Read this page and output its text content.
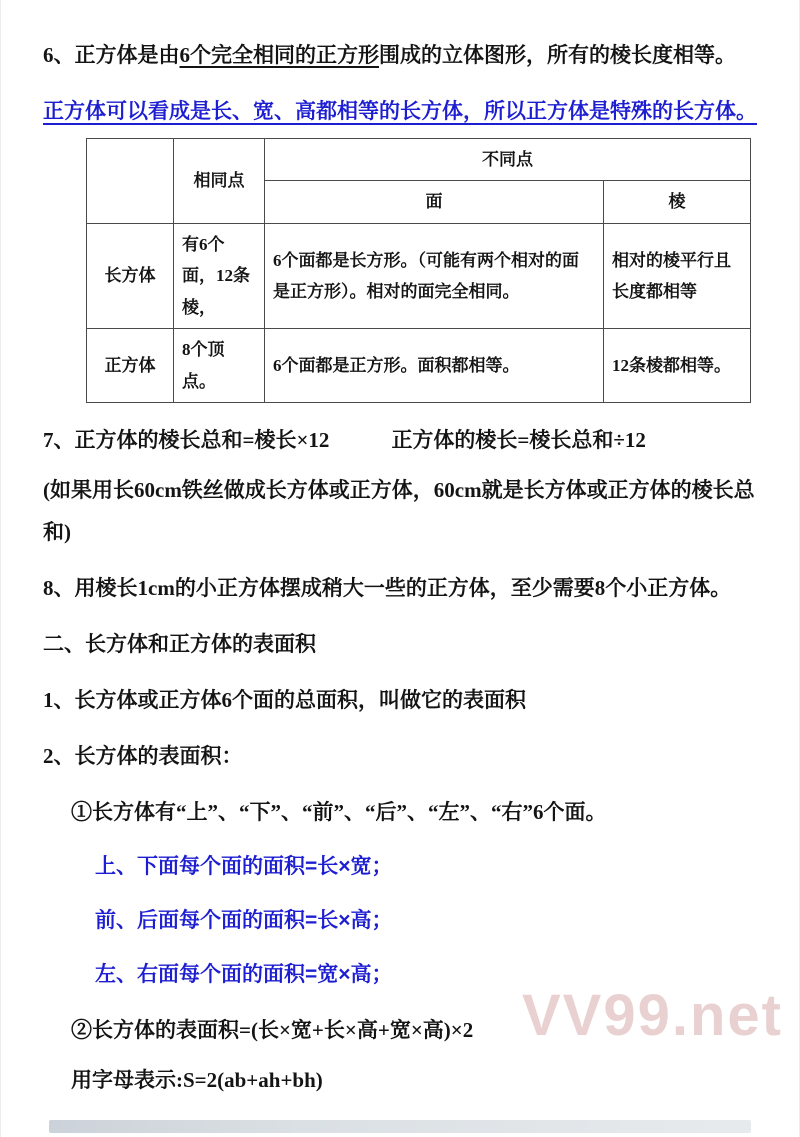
6、正方体是由6个完全相同的正方形围成的立体图形，所有的棱长度相等。

正方体可以看成是长、宽、高都相等的长方体，所以正方体是特殊的长方体。

	相同点	不同点	
		面	棱
长方体	有6个面，12条棱，	6个面都是长方形。（可能有两个相对的面是正方形）。相对的面完全相同。	相对的棱平行且长度都相等
正方体	8个顶点。	6个面都是正方形。面积都相等。	12条棱都相等。

7、正方体的棱长总和=棱长×12	正方体的棱长=棱长总和÷12

(如果用长60cm铁丝做成长方体或正方体，60cm就是长方体或正方体的棱长总和)

8、用棱长1cm的小正方体摆成稍大一些的正方体，至少需要8个小正方体。

二、长方体和正方体的表面积

1、长方体或正方体6个面的总面积，叫做它的表面积

2、长方体的表面积：

①长方体有“上”、“下”、“前”、“后”、“左”、“右”6个面。

上、下面每个面的面积=长×宽；

前、后面每个面的面积=长×高；

左、右面每个面的面积=宽×高；

②长方体的表面积=(长×宽+长×高+宽×高)×2

用字母表示:S=2(ab+ah+bh)

VV99.net
